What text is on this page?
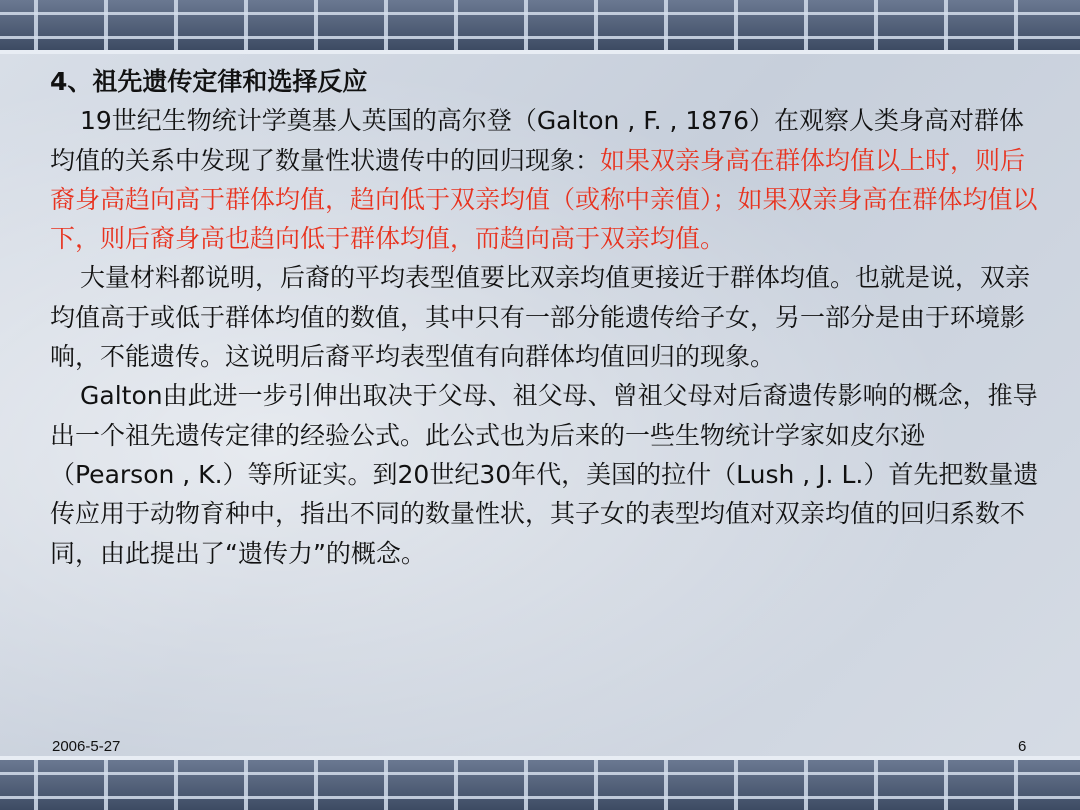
4、祖先遗传定律和选择反应

19世纪生物统计学奠基人英国的高尔登（Galton , F. , 1876）在观察人类身高对群体均值的关系中发现了数量性状遗传中的回归现象：如果双亲身高在群体均值以上时，则后裔身高趋向高于群体均值，趋向低于双亲均值（或称中亲值）；如果双亲身高在群体均值以下，则后裔身高也趋向低于群体均值，而趋向高于双亲均值。

大量材料都说明，后裔的平均表型值要比双亲均值更接近于群体均值。也就是说，双亲均值高于或低于群体均值的数值，其中只有一部分能遗传给子女，另一部分是由于环境影响，不能遗传。这说明后裔平均表型值有向群体均值回归的现象。

Galton由此进一步引伸出取决于父母、祖父母、曾祖父母对后裔遗传影响的概念，推导出一个祖先遗传定律的经验公式。此公式也为后来的一些生物统计学家如皮尔逊（Pearson , K.）等所证实。到20世纪30年代，美国的拉什（Lush , J. L.）首先把数量遗传应用于动物育种中，指出不同的数量性状，其子女的表型均值对双亲均值的回归系数不同，由此提出了“遗传力”的概念。

2006-5-27	6
